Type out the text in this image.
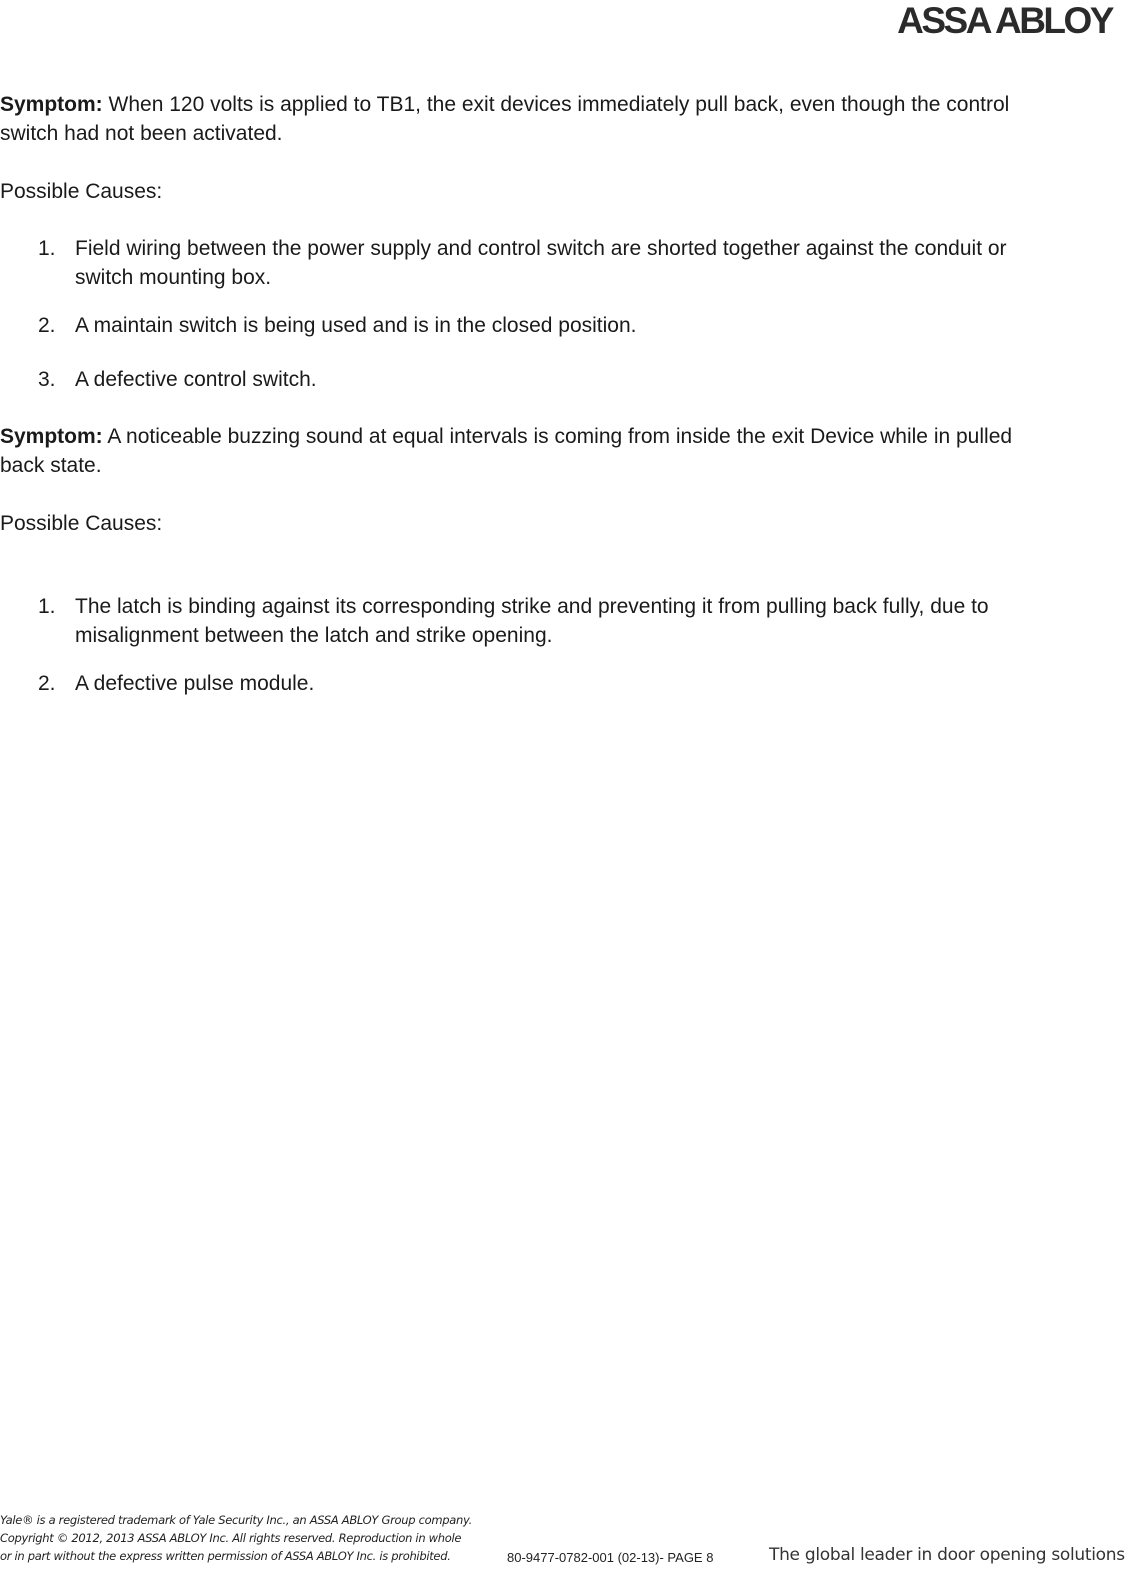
ASSA ABLOY

Symptom: When 120 volts is applied to TB1, the exit devices immediately pull back, even though the control switch had not been activated.

Possible Causes:

1. Field wiring between the power supply and control switch are shorted together against the conduit or switch mounting box.
2. A maintain switch is being used and is in the closed position.
3. A defective control switch.

Symptom: A noticeable buzzing sound at equal intervals is coming from inside the exit Device while in pulled back state.

Possible Causes:

1. The latch is binding against its corresponding strike and preventing it from pulling back fully, due to misalignment between the latch and strike opening.
2. A defective pulse module.
Yale® is a registered trademark of Yale Security Inc., an ASSA ABLOY Group company.
Copyright © 2012, 2013 ASSA ABLOY Inc. All rights reserved. Reproduction in whole
or in part without the express written permission of ASSA ABLOY Inc. is prohibited.	80-9477-0782-001 (02-13)- PAGE 8	The global leader in door opening solutions
